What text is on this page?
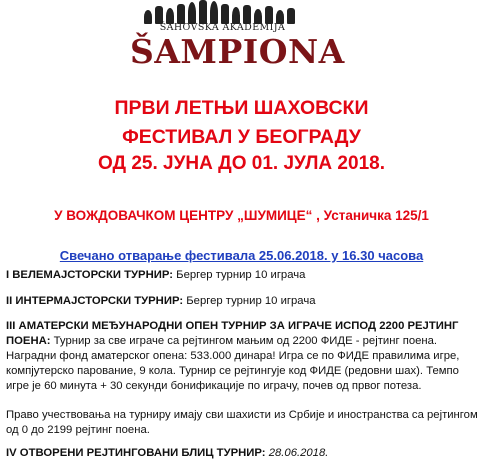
ŠAHOVSKA AKADEMIJA
ŠAMPIONA
ПРВИ ЛЕТЊИ ШАХОВСКИ
ФЕСТИВАЛ У БЕОГРАДУ
ОД 25. ЈУНА ДО 01. ЈУЛА 2018.
У ВОЖДОВАЧКОМ ЦЕНТРУ „ШУМИЦЕ“ , Устаничка 125/1
Свечано отварање фестивала 25.06.2018. у 16.30 часова
I ВЕЛЕМАЈСТОРСКИ ТУРНИР: Бергер турнир 10 играча
II ИНТЕРМАЈСТОРСКИ ТУРНИР: Бергер турнир 10 играча
III АМАТЕРСКИ МЕЂУНАРОДНИ ОПЕН ТУРНИР ЗА ИГРАЧЕ ИСПОД 2200 РЕЈТИНГ ПОЕНА: Турнир за све играче са рејтингом мањим од 2200 ФИДЕ - рејтинг поена. Наградни фонд аматерског опена: 533.000 динара! Игра се по ФИДЕ правилима игре, компјутерско парование, 9 кола. Турнир се рејтингује код ФИДЕ (редовни шах). Темпо игре је 60 минута + 30 секунди бонификације по играчу, почев од првог потеза.
Право учествовања на турниру имају сви шахисти из Србије и иностранства са рејтингом од 0 до 2199 рејтинг поена.
IV ОТВОРЕНИ РЕЈТИНГОВАНИ БЛИЦ ТУРНИР: 28.06.2018.
